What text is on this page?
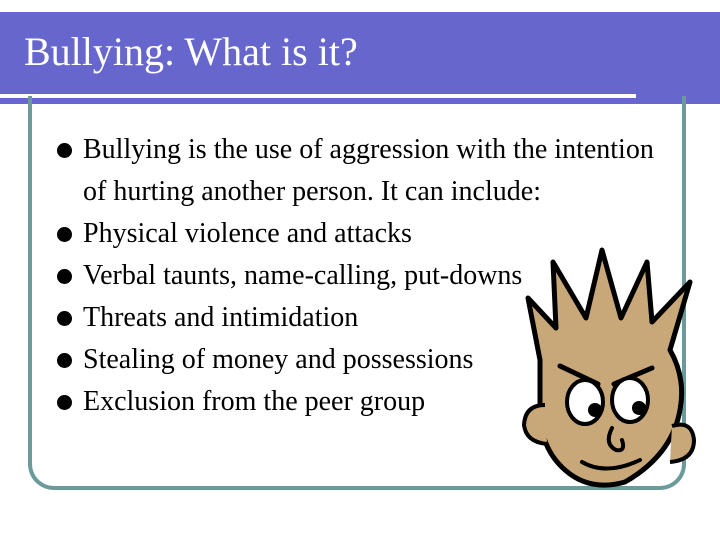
Bullying: What is it?
Bullying is the use of aggression with the intention of hurting another person. It can include:
Physical violence and attacks
Verbal taunts, name-calling, put-downs
Threats and intimidation
Stealing of money and possessions
Exclusion from the peer group
